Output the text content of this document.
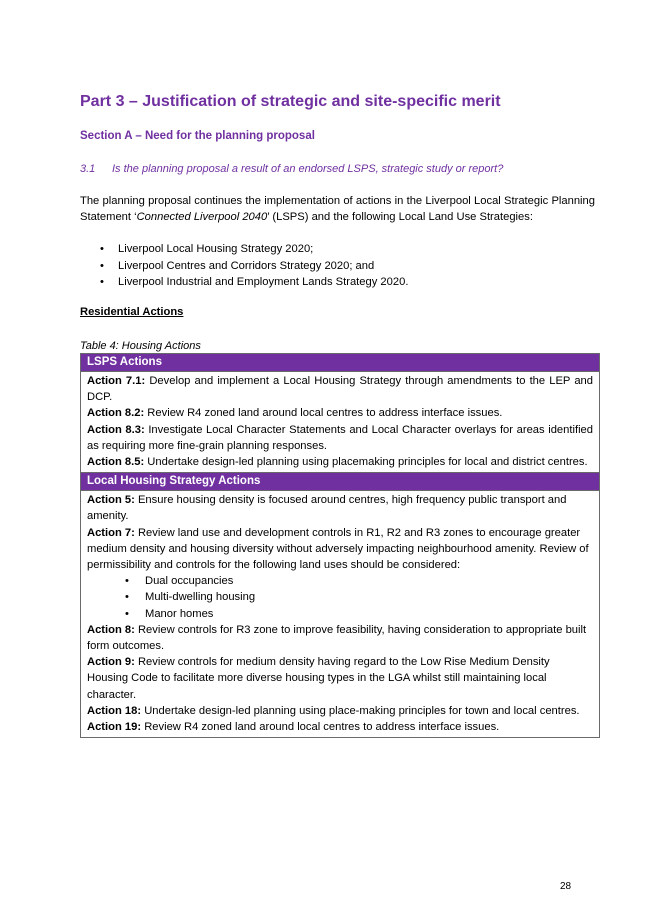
Part 3 – Justification of strategic and site-specific merit
Section A – Need for the planning proposal
3.1 Is the planning proposal a result of an endorsed LSPS, strategic study or report?
The planning proposal continues the implementation of actions in the Liverpool Local Strategic Planning Statement ‘Connected Liverpool 2040’ (LSPS) and the following Local Land Use Strategies:
• Liverpool Local Housing Strategy 2020;
• Liverpool Centres and Corridors Strategy 2020; and
• Liverpool Industrial and Employment Lands Strategy 2020.
Residential Actions
Table 4: Housing Actions
LSPS Actions

Action 7.1: Develop and implement a Local Housing Strategy through amendments to the LEP and DCP.

Action 8.2: Review R4 zoned land around local centres to address interface issues.

Action 8.3: Investigate Local Character Statements and Local Character overlays for areas identified as requiring more fine-grain planning responses.

Action 8.5: Undertake design-led planning using placemaking principles for local and district centres.

Local Housing Strategy Actions

Action 5: Ensure housing density is focused around centres, high frequency public transport and amenity.

Action 7: Review land use and development controls in R1, R2 and R3 zones to encourage greater medium density and housing diversity without adversely impacting neighbourhood amenity. Review of permissibility and controls for the following land uses should be considered:

• Dual occupancies
• Multi-dwelling housing
• Manor homes

Action 8: Review controls for R3 zone to improve feasibility, having consideration to appropriate built form outcomes.

Action 9: Review controls for medium density having regard to the Low Rise Medium Density Housing Code to facilitate more diverse housing types in the LGA whilst still maintaining local character.

Action 18: Undertake design-led planning using place-making principles for town and local centres.

Action 19: Review R4 zoned land around local centres to address interface issues.

28
